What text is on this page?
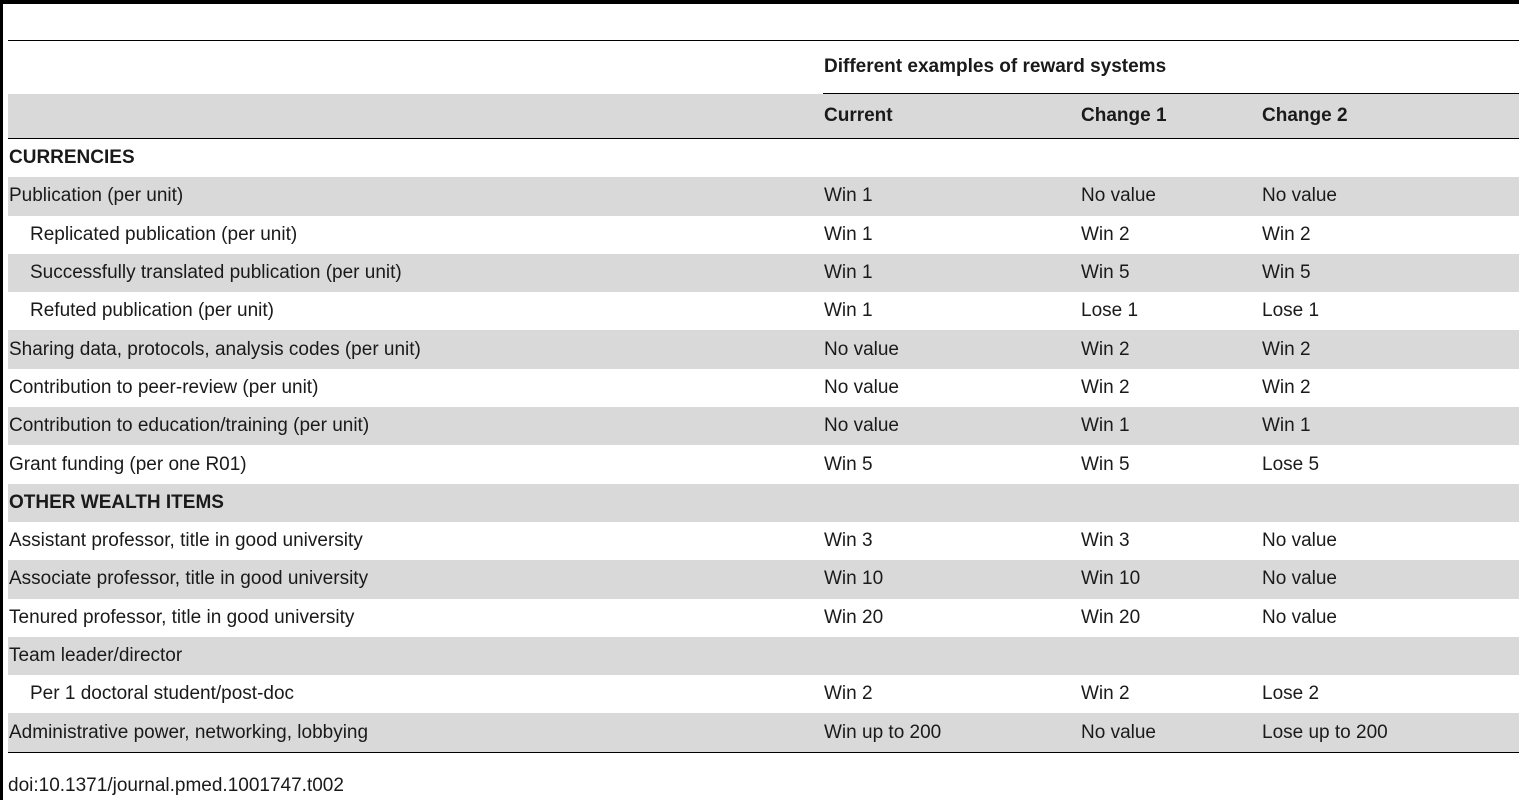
	Different examples of reward systems		
	Current	Change 1	Change 2
CURRENCIES			
Publication (per unit)	Win 1	No value	No value
Replicated publication (per unit)	Win 1	Win 2	Win 2
Successfully translated publication (per unit)	Win 1	Win 5	Win 5
Refuted publication (per unit)	Win 1	Lose 1	Lose 1
Sharing data, protocols, analysis codes (per unit)	No value	Win 2	Win 2
Contribution to peer-review (per unit)	No value	Win 2	Win 2
Contribution to education/training (per unit)	No value	Win 1	Win 1
Grant funding (per one R01)	Win 5	Win 5	Lose 5
OTHER WEALTH ITEMS			
Assistant professor, title in good university	Win 3	Win 3	No value
Associate professor, title in good university	Win 10	Win 10	No value
Tenured professor, title in good university	Win 20	Win 20	No value
Team leader/director			
Per 1 doctoral student/post-doc	Win 2	Win 2	Lose 2
Administrative power, networking, lobbying	Win up to 200	No value	Lose up to 200
doi:10.1371/journal.pmed.1001747.t002
